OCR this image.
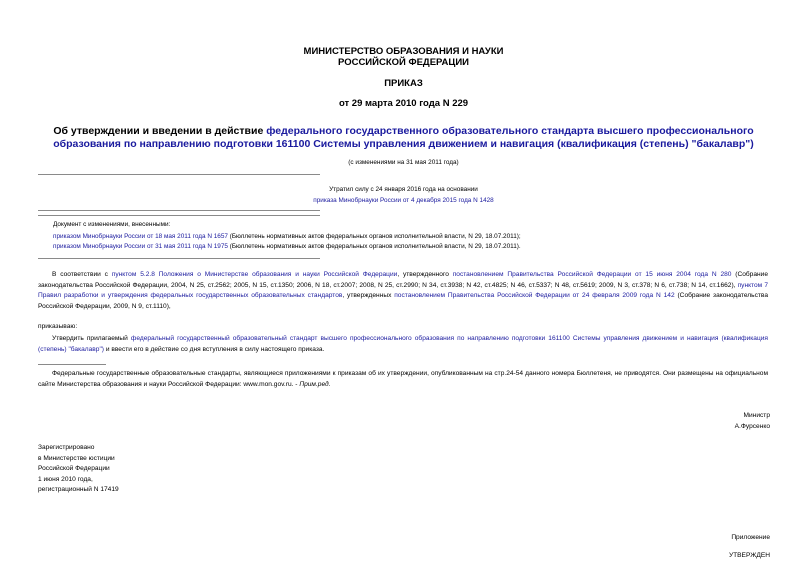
МИНИСТЕРСТВО ОБРАЗОВАНИЯ И НАУКИ
РОССИЙСКОЙ ФЕДЕРАЦИИ
ПРИКАЗ
от 29 марта 2010 года N 229
Об утверждении и введении в действие федерального государственного образовательного стандарта высшего профессионального образования по направлению подготовки 161100 Системы управления движением и навигация (квалификация (степень) "бакалавр")
(с изменениями на 31 мая 2011 года)
Утратил силу с 24 января 2016 года на основании
приказа Минобрнауки России от 4 декабря 2015 года N 1428
Документ с изменениями, внесенными:
приказом Минобрнауки России от 18 мая 2011 года N 1657 (Бюллетень нормативных актов федеральных органов исполнительной власти, N 29, 18.07.2011);
приказом Минобрнауки России от 31 мая 2011 года N 1975 (Бюллетень нормативных актов федеральных органов исполнительной власти, N 29, 18.07.2011).
В соответствии с пунктом 5.2.8 Положения о Министерстве образования и науки Российской Федерации, утвержденного постановлением Правительства Российской Федерации от 15 июня 2004 года N 280 (Собрание законодательства Российской Федерации, 2004, N 25, ст.2562; 2005, N 15, ст.1350; 2006, N 18, ст.2007; 2008, N 25, ст.2990; N 34, ст.3938; N 42, ст.4825; N 46, ст.5337; N 48, ст.5619; 2009, N 3, ст.378; N 6, ст.738; N 14, ст.1662), пунктом 7 Правил разработки и утверждения федеральных государственных образовательных стандартов, утвержденных постановлением Правительства Российской Федерации от 24 февраля 2009 года N 142 (Собрание законодательства Российской Федерации, 2009, N 9, ст.1110),
приказываю:
Утвердить прилагаемый федеральный государственный образовательный стандарт высшего профессионального образования по направлению подготовки 161100 Системы управления движением и навигация (квалификация (степень) "бакалавр") и ввести его в действие со дня вступления в силу настоящего приказа.
Федеральные государственные образовательные стандарты, являющиеся приложениями к приказам об их утверждении, опубликованным на стр.24-54 данного номера Бюллетеня, не приводятся. Они размещены на официальном сайте Министерства образования и науки Российской Федерации: www.mon.gov.ru. - Прим.ред.
Министр
А.Фурсенко
Зарегистрировано
в Министерстве юстиции
Российской Федерации
1 июня 2010 года,
регистрационный N 17419
Приложение
УТВЕРЖДЕН
